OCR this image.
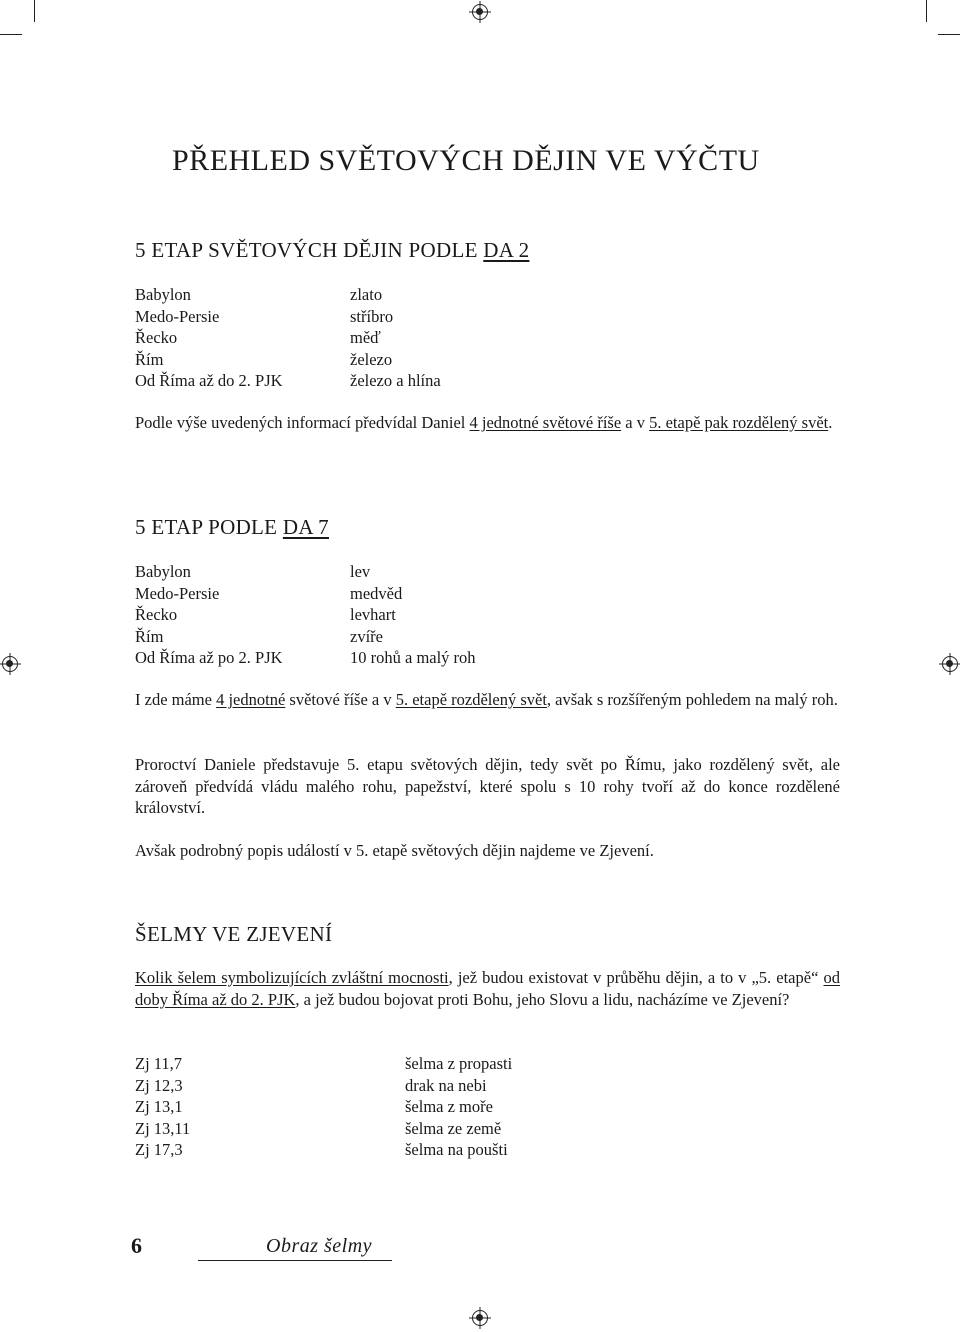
PŘEHLED SVĚTOVÝCH DĚJIN VE VÝČTU
5 ETAP SVĚTOVÝCH DĚJIN PODLE DA 2
Babylon
Medo-Persie
Řecko
Řím
Od Říma až do 2. PJK
zlato
stříbro
měď
železo
železo a hlína
Podle výše uvedených informací předvídal Daniel 4 jednotné světové říše a v 5. etapě pak rozdělený svět.
5 ETAP PODLE DA 7
Babylon
Medo-Persie
Řecko
Řím
Od Říma až po 2. PJK
lev
medvěd
levhart
zvíře
10 rohů a malý roh
I zde máme 4 jednotné světové říše a v 5. etapě rozdělený svět, avšak s rozšířeným pohledem na malý roh.
Proroctví Daniele představuje 5. etapu světových dějin, tedy svět po Římu, jako rozdělený svět, ale zároveň předvídá vládu malého rohu, papežství, které spolu s 10 rohy tvoří až do konce rozdělené království.
Avšak podrobný popis událostí v 5. etapě světových dějin najdeme ve Zjevení.
ŠELMY VE ZJEVENÍ
Kolik šelem symbolizujících zvláštní mocnosti, jež budou existovat v průběhu dějin, a to v „5. etapě“ od doby Říma až do 2. PJK, a jež budou bojovat proti Bohu, jeho Slovu a lidu, nacházíme ve Zjevení?
Zj 11,7
Zj 12,3
Zj 13,1
Zj 13,11
Zj 17,3
šelma z propasti
drak na nebi
šelma z moře
šelma ze země
šelma na poušti
6	Obraz šelmy
